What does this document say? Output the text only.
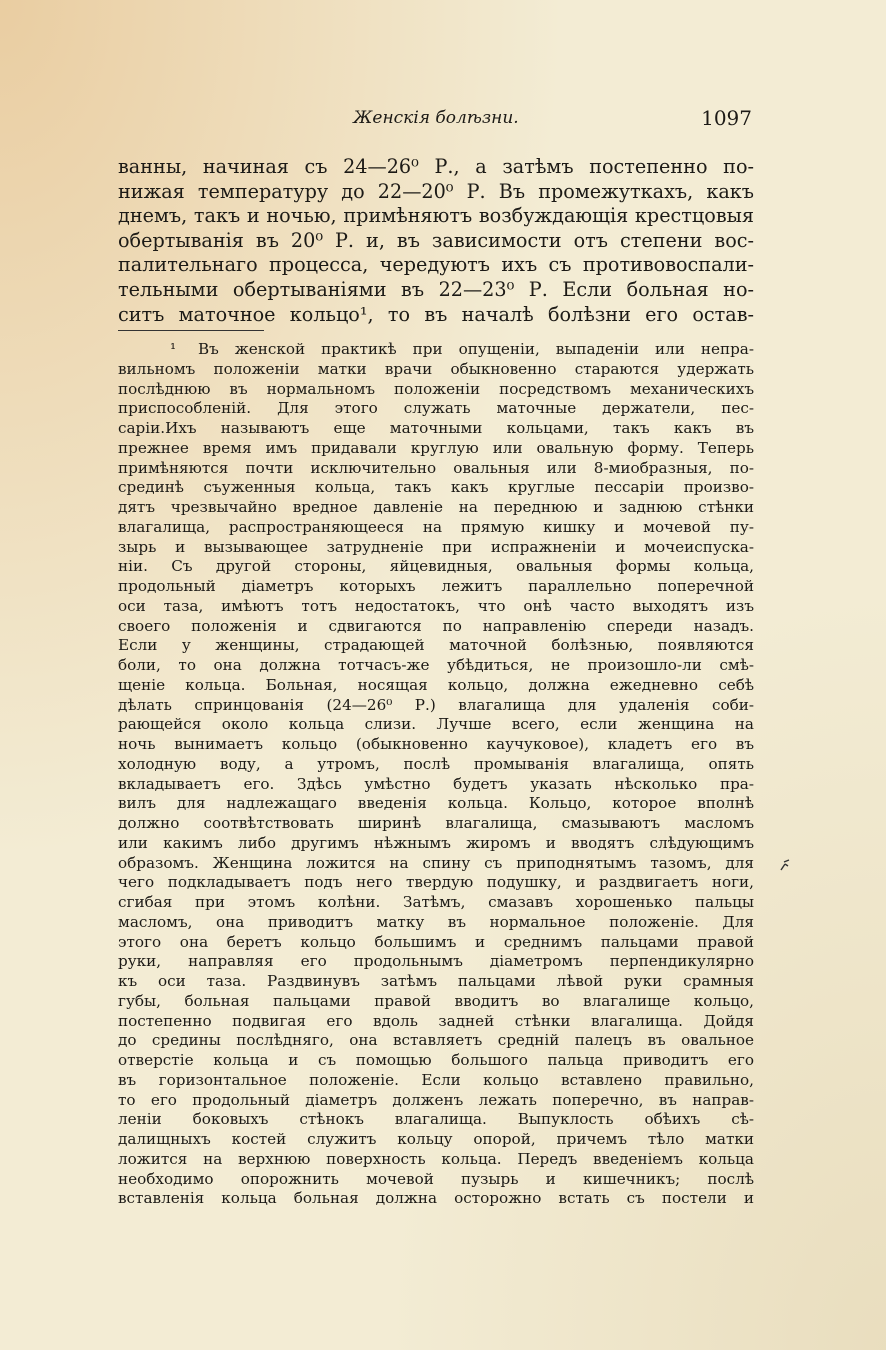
Женскія болѣзни.	1097
ванны, начиная съ 24—26⁰ Р., а затѣмъ постепенно по-
нижая температуру до 22—20⁰ Р. Въ промежуткахъ, какъ
днемъ, такъ и ночью, примѣняютъ возбуждающія крестцовыя
обертыванія въ 20⁰ Р. и, въ зависимости отъ степени вос-
палительнаго процесса, чередуютъ ихъ съ противовоспали-
тельными обертываніями въ 22—23⁰ Р. Если больная но-
ситъ маточное кольцо¹, то въ началѣ болѣзни его остав-
¹ Въ женской практикѣ при опущеніи, выпаденіи или непра-
вильномъ положеніи матки врачи обыкновенно стараются удержать
послѣднюю въ нормальномъ положеніи посредствомъ механическихъ
приспособленій. Для этого служать маточные держатели, пес-
саріи.Ихъ называютъ еще маточными кольцами, такъ какъ въ
прежнее время имъ придавали круглую или овальную форму. Теперь
примѣняются почти исключительно овальныя или 8-миобразныя, по-
срединѣ съуженныя кольца, такъ какъ круглые пессаріи произво-
дятъ чрезвычайно вредное давленіе на переднюю и заднюю стѣнки
влагалища, распространяющееся на прямую кишку и мочевой пу-
зырь и вызывающее затрудненіе при испражненіи и мочеиспуска-
ніи. Съ другой стороны, яйцевидныя, овальныя формы кольца,
продольный діаметръ которыхъ лежитъ параллельно поперечной
оси таза, имѣютъ тотъ недостатокъ, что онѣ часто выходятъ изъ
своего положенія и сдвигаются по направленію спереди назадъ.
Если у женщины, страдающей маточной болѣзнью, появляются
боли, то она должна тотчасъ-же убѣдиться, не произошло-ли смѣ-
щеніе кольца. Больная, носящая кольцо, должна ежедневно себѣ
дѣлать спринцованія (24—26⁰ Р.) влагалища для удаленія соби-
рающейся около кольца слизи. Лучше всего, если женщина на
ночь вынимаетъ кольцо (обыкновенно каучуковое), кладетъ его въ
холодную воду, а утромъ, послѣ промыванія влагалища, опять
вкладываетъ его. Здѣсь умѣстно будетъ указать нѣсколько пра-
вилъ для надлежащаго введенія кольца. Кольцо, которое вполнѣ
должно соотвѣтствовать ширинѣ влагалища, смазываютъ масломъ
или какимъ либо другимъ нѣжнымъ жиромъ и вводятъ слѣдующимъ
образомъ. Женщина ложится на спину съ приподнятымъ тазомъ, для
чего подкладываетъ подъ него твердую подушку, и раздвигаетъ ноги,
сгибая при этомъ колѣни. Затѣмъ, смазавъ хорошенько пальцы
масломъ, она приводитъ матку въ нормальное положеніе. Для
этого она беретъ кольцо большимъ и среднимъ пальцами правой
руки, направляя его продольнымъ діаметромъ перпендикулярно
къ оси таза. Раздвинувъ затѣмъ пальцами лѣвой руки срамныя
губы, больная пальцами правой вводитъ во влагалище кольцо,
постепенно подвигая его вдоль задней стѣнки влагалища. Дойдя
до средины послѣдняго, она вставляетъ средній палецъ въ овальное
отверстіе кольца и съ помощью большого пальца приводитъ его
въ горизонтальное положеніе. Если кольцо вставлено правильно,
то его продольный діаметръ долженъ лежать поперечно, въ направ-
леніи боковыхъ стѣнокъ влагалища. Выпуклость обѣихъ сѣ-
далищныхъ костей служитъ кольцу опорой, причемъ тѣло матки
ложится на верхнюю поверхность кольца. Передъ введеніемъ кольца
необходимо опорожнить мочевой пузырь и кишечникъ; послѣ
вставленія кольца больная должна осторожно встать съ постели и
